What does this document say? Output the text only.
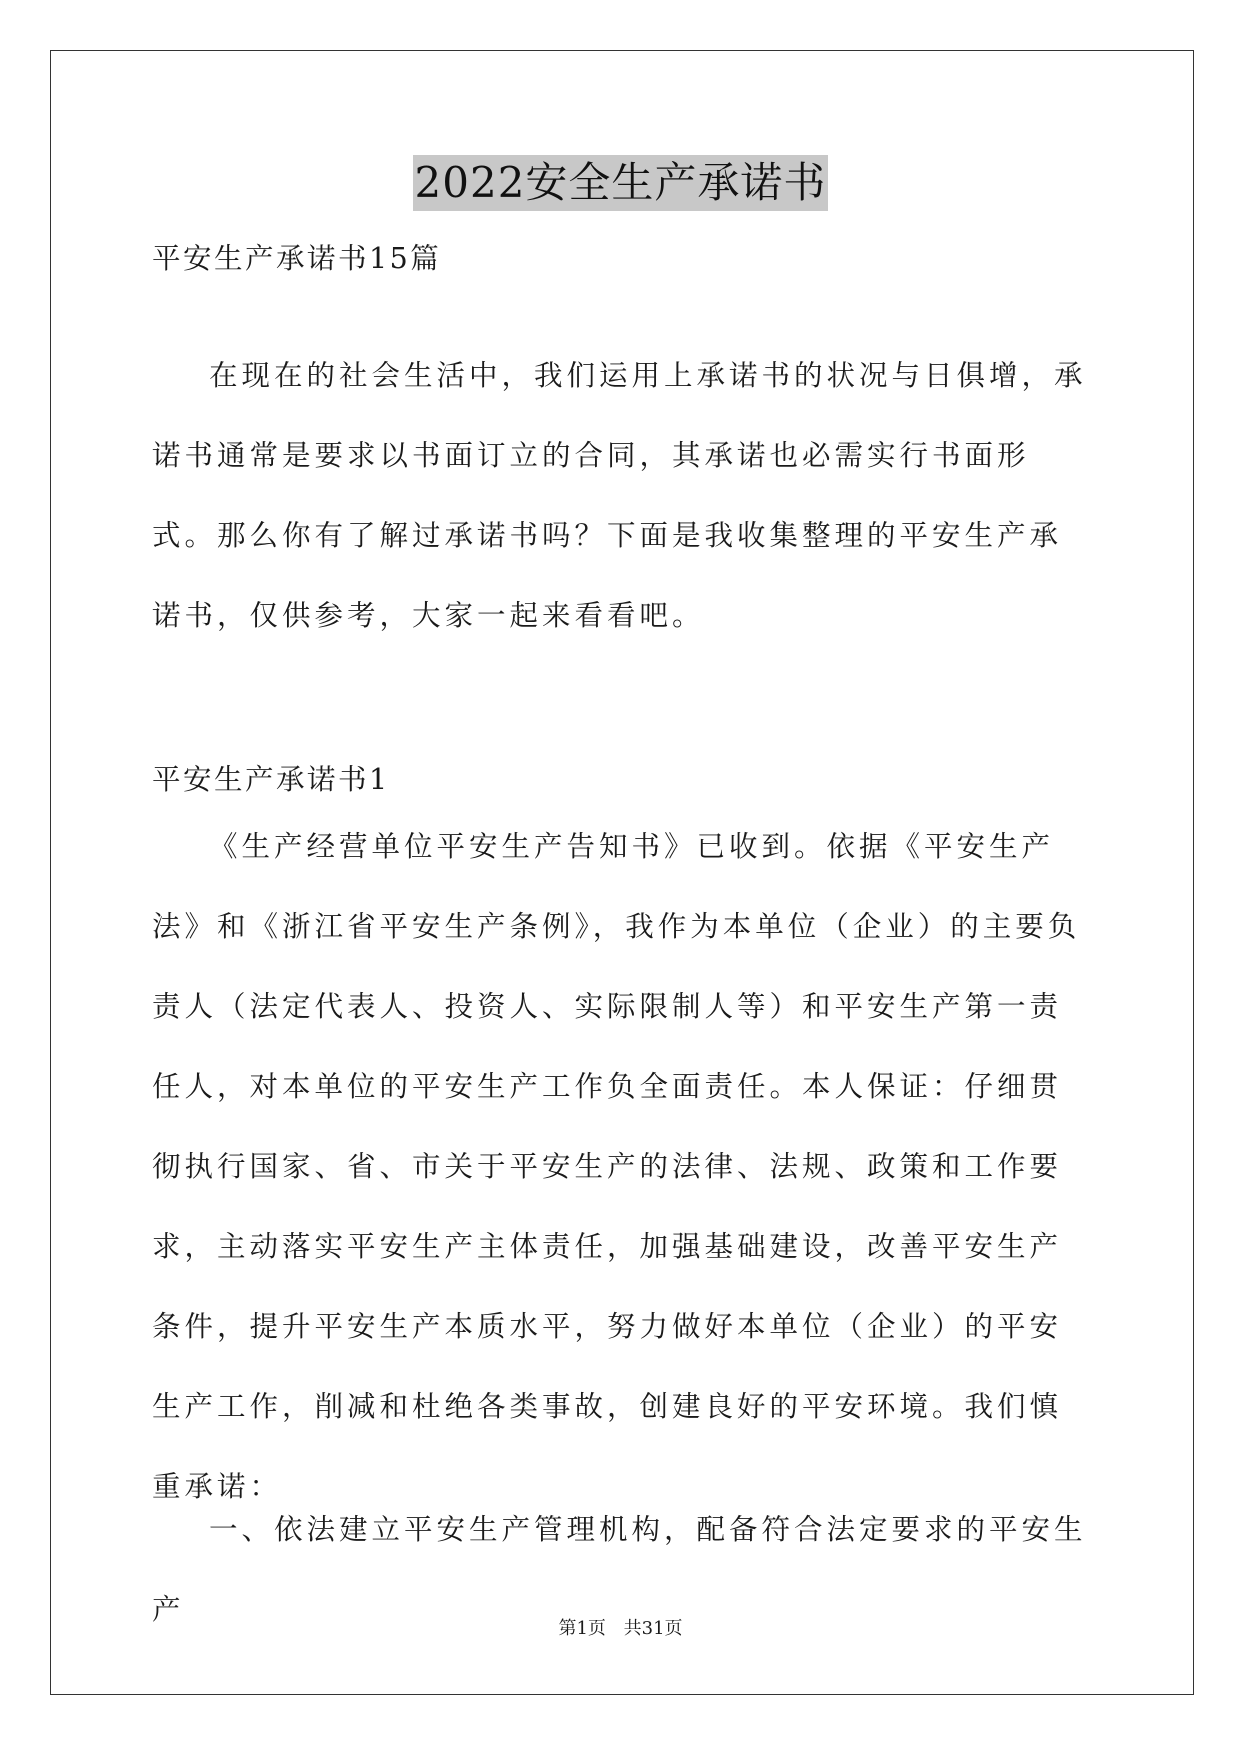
2022安全生产承诺书
平安生产承诺书15篇
在现在的社会生活中，我们运用上承诺书的状况与日俱增，承诺书通常是要求以书面订立的合同，其承诺也必需实行书面形式。那么你有了解过承诺书吗？下面是我收集整理的平安生产承诺书，仅供参考，大家一起来看看吧。
平安生产承诺书1
《生产经营单位平安生产告知书》已收到。依据《平安生产法》和《浙江省平安生产条例》，我作为本单位（企业）的主要负责人（法定代表人、投资人、实际限制人等）和平安生产第一责任人，对本单位的平安生产工作负全面责任。本人保证：仔细贯彻执行国家、省、市关于平安生产的法律、法规、政策和工作要求，主动落实平安生产主体责任，加强基础建设，改善平安生产条件，提升平安生产本质水平，努力做好本单位（企业）的平安生产工作，削减和杜绝各类事故，创建良好的平安环境。我们慎重承诺：
一、依法建立平安生产管理机构，配备符合法定要求的平安生产
第1页 共31页
